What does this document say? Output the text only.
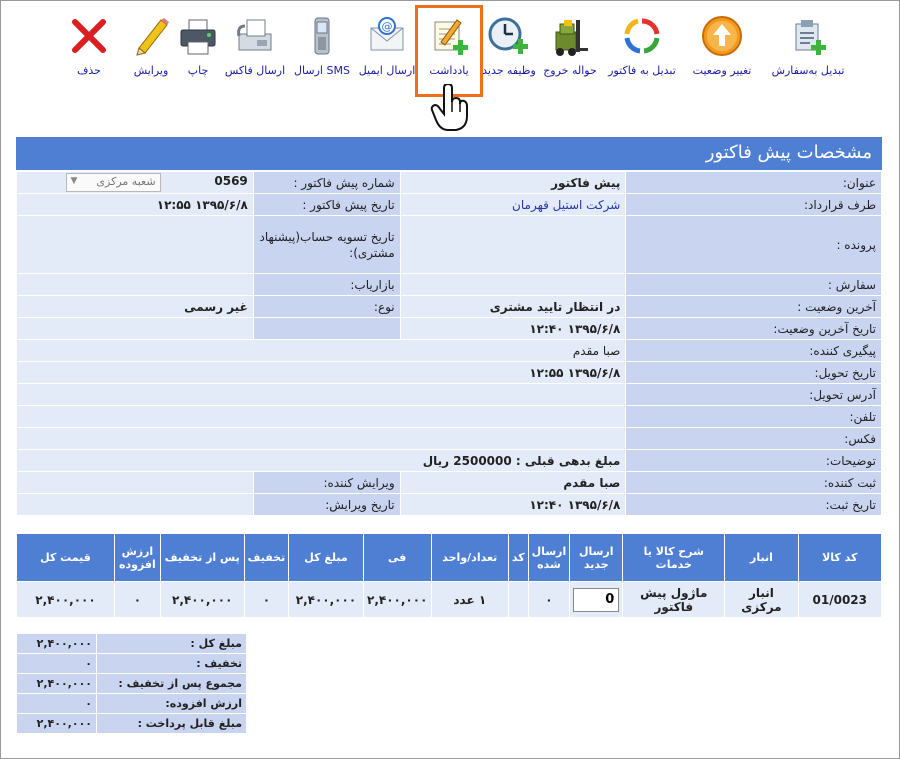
تبدیل به‌سفارش
تغییر وضعیت
تبدیل به فاکتور
حواله خروج
وظیفه جدید
یادداشت
@
ارسال ایمیل
ارسال SMS
ارسال فاکس
چاپ
ویرایش
حذف
مشخصات پیش فاکتور
عنوان:	پیش فاکتور	شماره پیش فاکتور :	0569 شعبه مرکزی
▼

طرف قرارداد:	شرکت استیل قهرمان	تاریخ پیش فاکتور :	۱۳۹۵/۶/۸ ۱۲:۵۵
پرونده :		تاریخ تسویه حساب(پیشنهاد مشتری):	
سفارش :		بازاریاب:	
آخرین وضعیت :	در انتظار تایید مشتری	نوع:	غیر رسمی
تاریخ آخرین وضعیت:	۱۳۹۵/۶/۸ ۱۲:۴۰		
پیگیری کننده:	صبا مقدم		
تاریخ تحویل:	۱۳۹۵/۶/۸ ۱۲:۵۵		
آدرس تحویل:			
تلفن:			
فکس:			
توضیحات:	مبلغ بدهی قبلی : 2500000 ریال		
ثبت کننده:	صبا مقدم	ویرایش کننده:	
تاریخ ثبت:	۱۳۹۵/۶/۸ ۱۲:۴۰	تاریخ ویرایش:	
کد کالا	انبار	شرح کالا یا خدمات	ارسال جدید	ارسال شده	کد	تعداد/واحد	فی	مبلغ کل	تخفیف	پس از تخفیف	ارزش افزوده	قیمت کل
01/0023	انبار مرکزی	ماژول پیش فاکتور	0	۰		۱ عدد	۲,۴۰۰,۰۰۰	۲,۴۰۰,۰۰۰	۰	۲,۴۰۰,۰۰۰	۰	۲,۴۰۰,۰۰۰
مبلغ کل :	۲,۴۰۰,۰۰۰
تخفیف :	۰
مجموع پس از تخفیف :	۲,۴۰۰,۰۰۰
ارزش افزوده:	۰
مبلغ قابل پرداخت :	۲,۴۰۰,۰۰۰
